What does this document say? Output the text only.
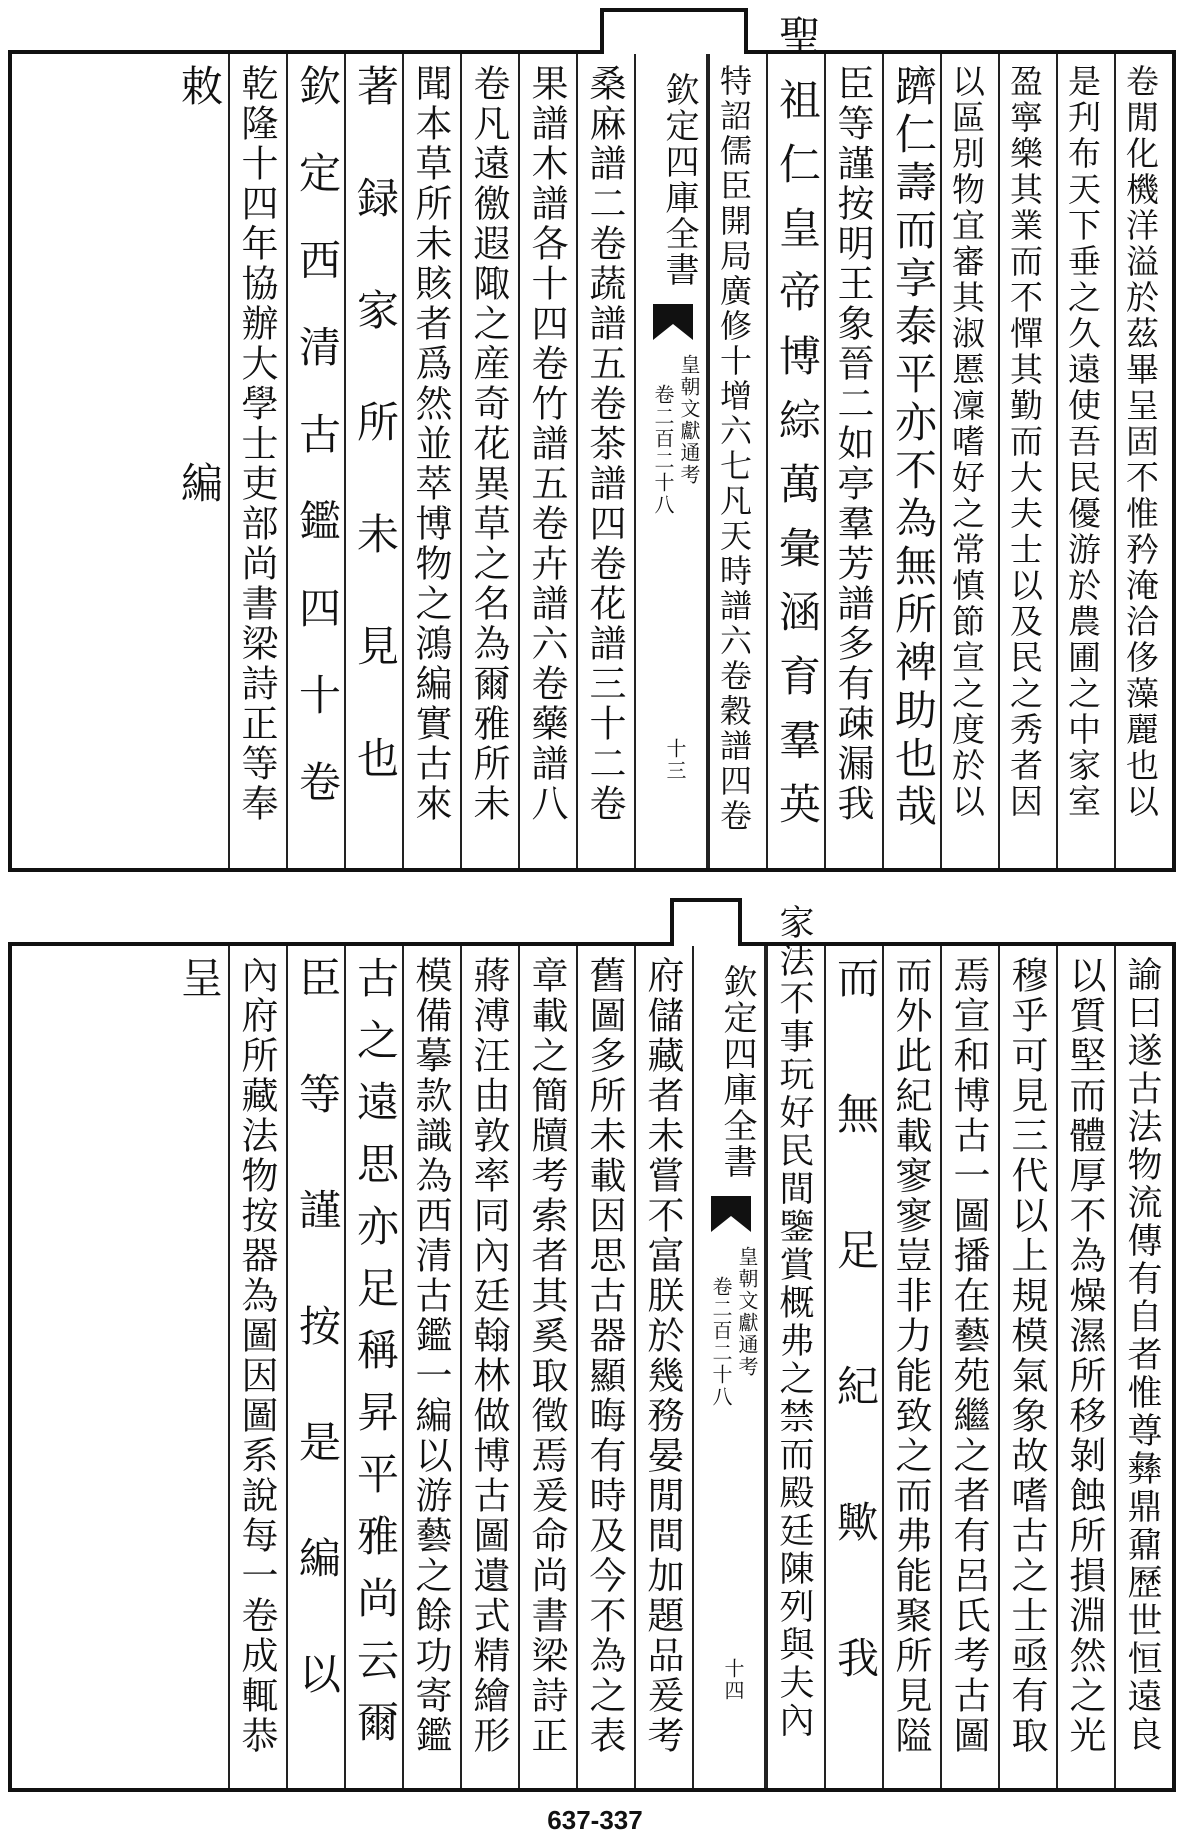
卷閒化機洋溢於茲畢呈固不惟矜淹洽侈藻麗也以
是刋布天下垂之久遠使吾民優游於農圃之中家室
盈寧樂其業而不憚其勤而大夫士以及民之秀者因
以區別物宜審其淑慝凜嗜好之常慎節宣之度於以
躋仁壽而享泰平亦不為無所裨助也哉
臣等謹按明王象晉二如亭羣芳譜多有疎漏我
聖祖仁皇帝博綜萬彙涵育羣英
特詔儒臣開局廣修十增六七凡天時譜六卷穀譜四卷
欽定四庫全書
皇朝文獻通考
卷二百二十八
十三
桑麻譜二卷蔬譜五卷茶譜四卷花譜三十二卷
果譜木譜各十四卷竹譜五卷卉譜六卷藥譜八
卷凡遠徼遐陬之産奇花異草之名為爾雅所未
聞本草所未賅者爲然並萃博物之鴻編實古來
著録家所未見也
欽定西清古鑑四十卷
乾隆十四年協辦大學士吏部尚書梁詩正等奉
敕編
諭曰遂古法物流傳有自者惟尊彝鼎鼐歷世恒遠良
以質堅而體厚不為燥濕所移剝蝕所損淵然之光
穆乎可見三代以上規模氣象故嗜古之士亟有取
焉宣和博古一圖播在藝苑繼之者有呂氏考古圖
而外此紀載寥寥豈非力能致之而弗能聚所見隘
而無足紀歟我
家法不事玩好民間鑒賞概弗之禁而殿廷陳列與夫內
欽定四庫全書
皇朝文獻通考
卷二百二十八
十四
府儲藏者未嘗不富朕於幾務晏閒間加題品爰考
舊圖多所未載因思古器顯晦有時及今不為之表
章載之簡牘考索者其奚取徵焉爰命尚書梁詩正
蔣溥汪由敦率同內廷翰林做博古圖遺式精繪形
模備摹款識為西清古鑑一編以游藝之餘功寄鑑
古之遠思亦足稱昇平雅尚云爾
臣等謹按是編以
內府所藏法物按器為圖因圖系說每一卷成輒恭
呈
637-337
